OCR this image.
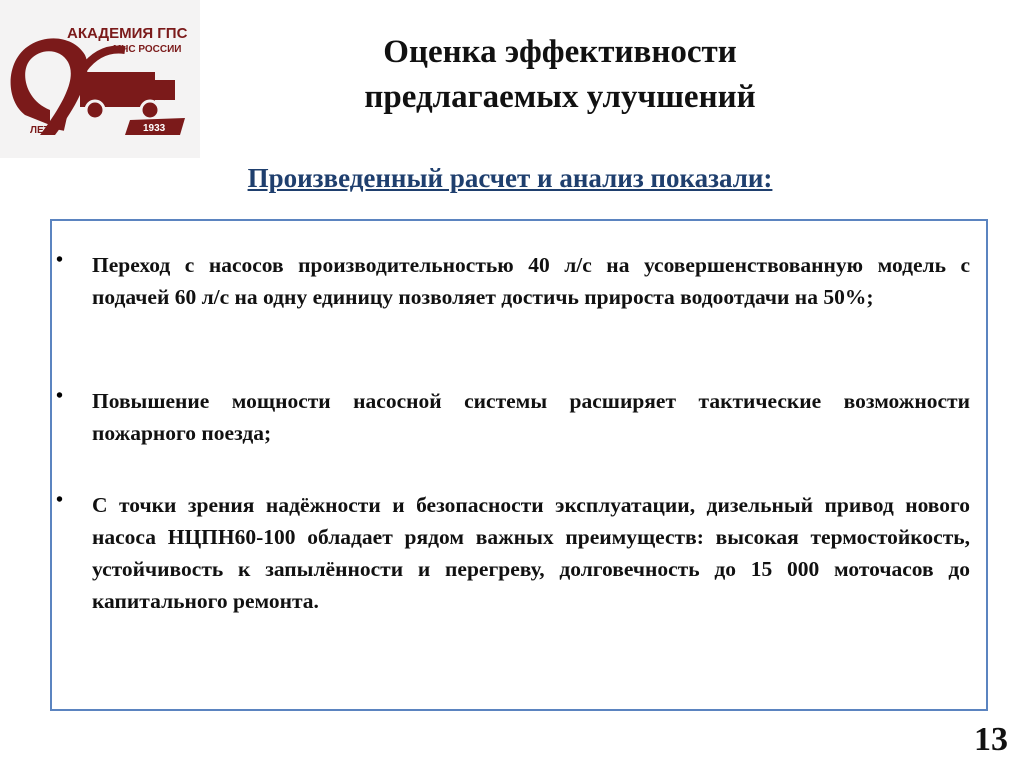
АКАДЕМИЯ ГПС
МЧС РОССИИ
ЛЕТ	1933
Оценка эффективности
предлагаемых улучшений
Произведенный расчет и анализ показали:
• Переход с насосов производительностью 40 л/с на усовершенствованную модель с подачей 60 л/с на одну единицу позволяет достичь прироста водоотдачи на 50%;
• Повышение мощности насосной системы расширяет тактические возможности пожарного поезда;
• С точки зрения надёжности и безопасности эксплуатации, дизельный привод нового насоса НЦПН60-100 обладает рядом важных преимуществ: высокая термостойкость, устойчивость к запылённости и перегреву, долговечность до 15 000 моточасов до капитального ремонта.
13
